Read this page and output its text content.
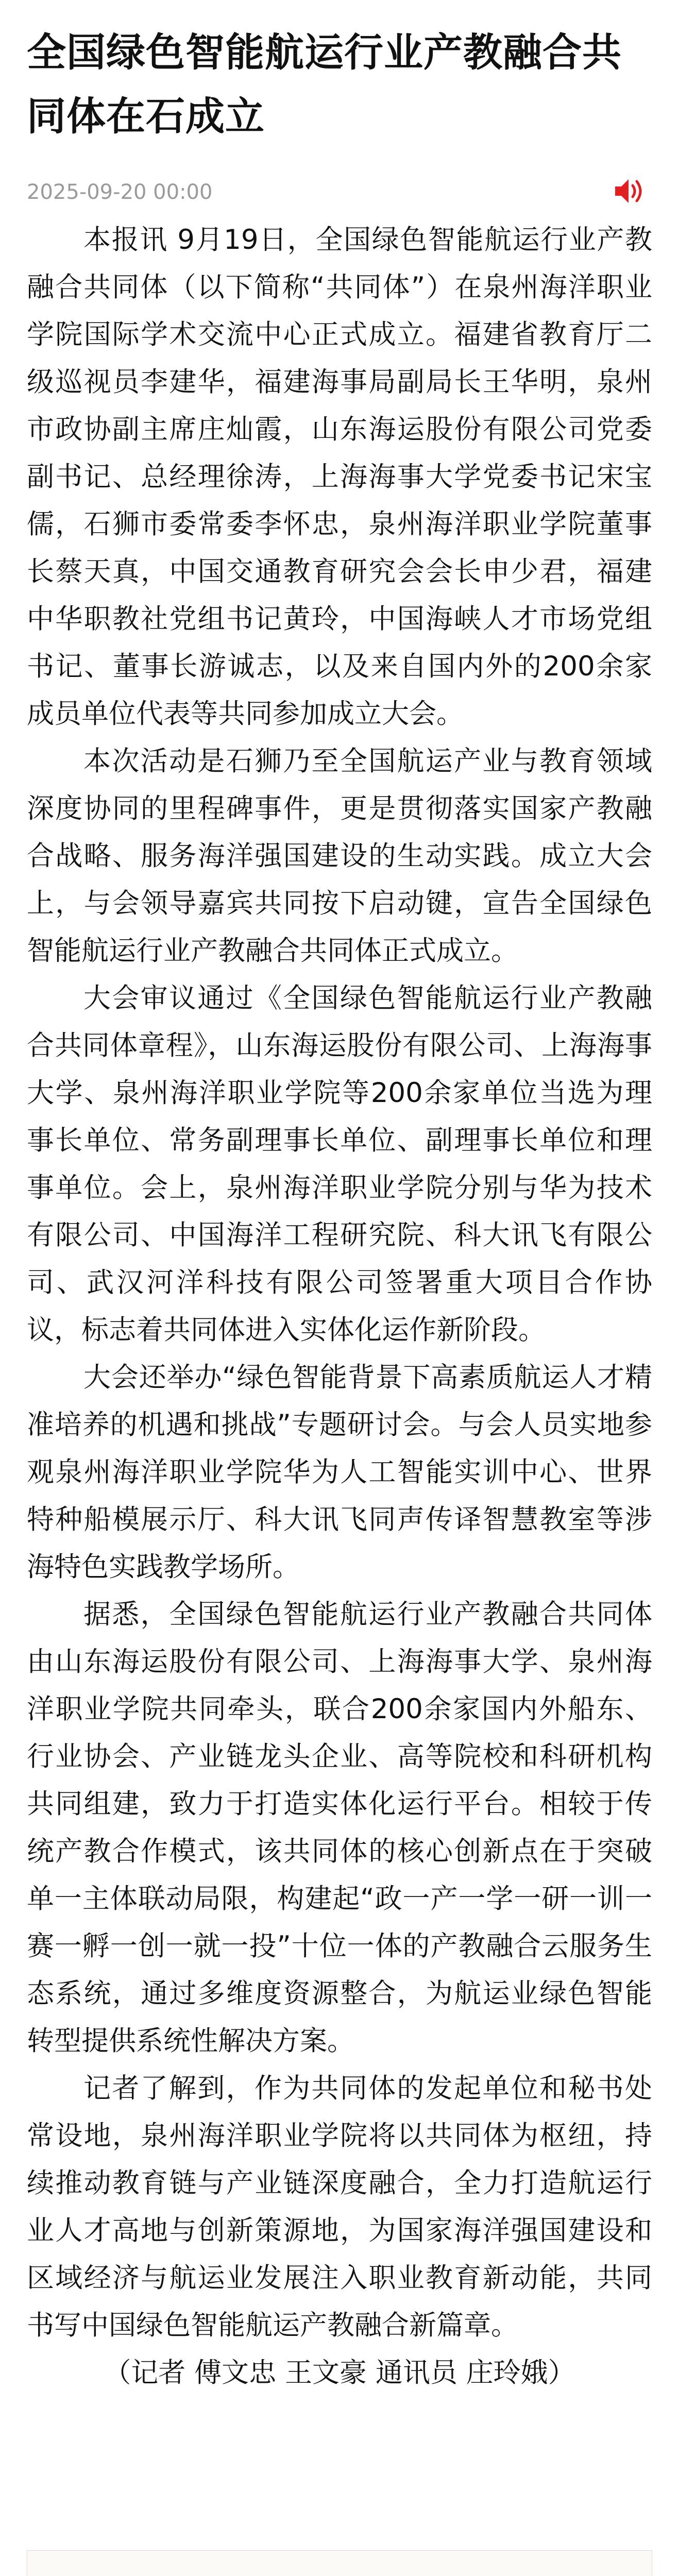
全国绿色智能航运行业产教融合共同体在石成立
2025-09-20 00:00

本报讯 9月19日，全国绿色智能航运行业产教融合共同体（以下简称“共同体”）在泉州海洋职业学院国际学术交流中心正式成立。福建省教育厅二级巡视员李建华，福建海事局副局长王华明，泉州市政协副主席庄灿霞，山东海运股份有限公司党委副书记、总经理徐涛，上海海事大学党委书记宋宝儒，石狮市委常委李怀忠，泉州海洋职业学院董事长蔡天真，中国交通教育研究会会长申少君，福建中华职教社党组书记黄玲，中国海峡人才市场党组书记、董事长游诚志，以及来自国内外的200余家成员单位代表等共同参加成立大会。

本次活动是石狮乃至全国航运产业与教育领域深度协同的里程碑事件，更是贯彻落实国家产教融合战略、服务海洋强国建设的生动实践。成立大会上，与会领导嘉宾共同按下启动键，宣告全国绿色智能航运行业产教融合共同体正式成立。

大会审议通过《全国绿色智能航运行业产教融合共同体章程》，山东海运股份有限公司、上海海事大学、泉州海洋职业学院等200余家单位当选为理事长单位、常务副理事长单位、副理事长单位和理事单位。会上，泉州海洋职业学院分别与华为技术有限公司、中国海洋工程研究院、科大讯飞有限公司、武汉河洋科技有限公司签署重大项目合作协议，标志着共同体进入实体化运作新阶段。

大会还举办“绿色智能背景下高素质航运人才精准培养的机遇和挑战”专题研讨会。与会人员实地参观泉州海洋职业学院华为人工智能实训中心、世界特种船模展示厅、科大讯飞同声传译智慧教室等涉海特色实践教学场所。

据悉，全国绿色智能航运行业产教融合共同体由山东海运股份有限公司、上海海事大学、泉州海洋职业学院共同牵头，联合200余家国内外船东、行业协会、产业链龙头企业、高等院校和科研机构共同组建，致力于打造实体化运行平台。相较于传统产教合作模式，该共同体的核心创新点在于突破单一主体联动局限，构建起“政一产一学一研一训一赛一孵一创一就一投”十位一体的产教融合云服务生态系统，通过多维度资源整合，为航运业绿色智能转型提供系统性解决方案。

记者了解到，作为共同体的发起单位和秘书处常设地，泉州海洋职业学院将以共同体为枢纽，持续推动教育链与产业链深度融合，全力打造航运行业人才高地与创新策源地，为国家海洋强国建设和区域经济与航运业发展注入职业教育新动能，共同书写中国绿色智能航运产教融合新篇章。

（记者 傅文忠 王文豪 通讯员 庄玲娥）
